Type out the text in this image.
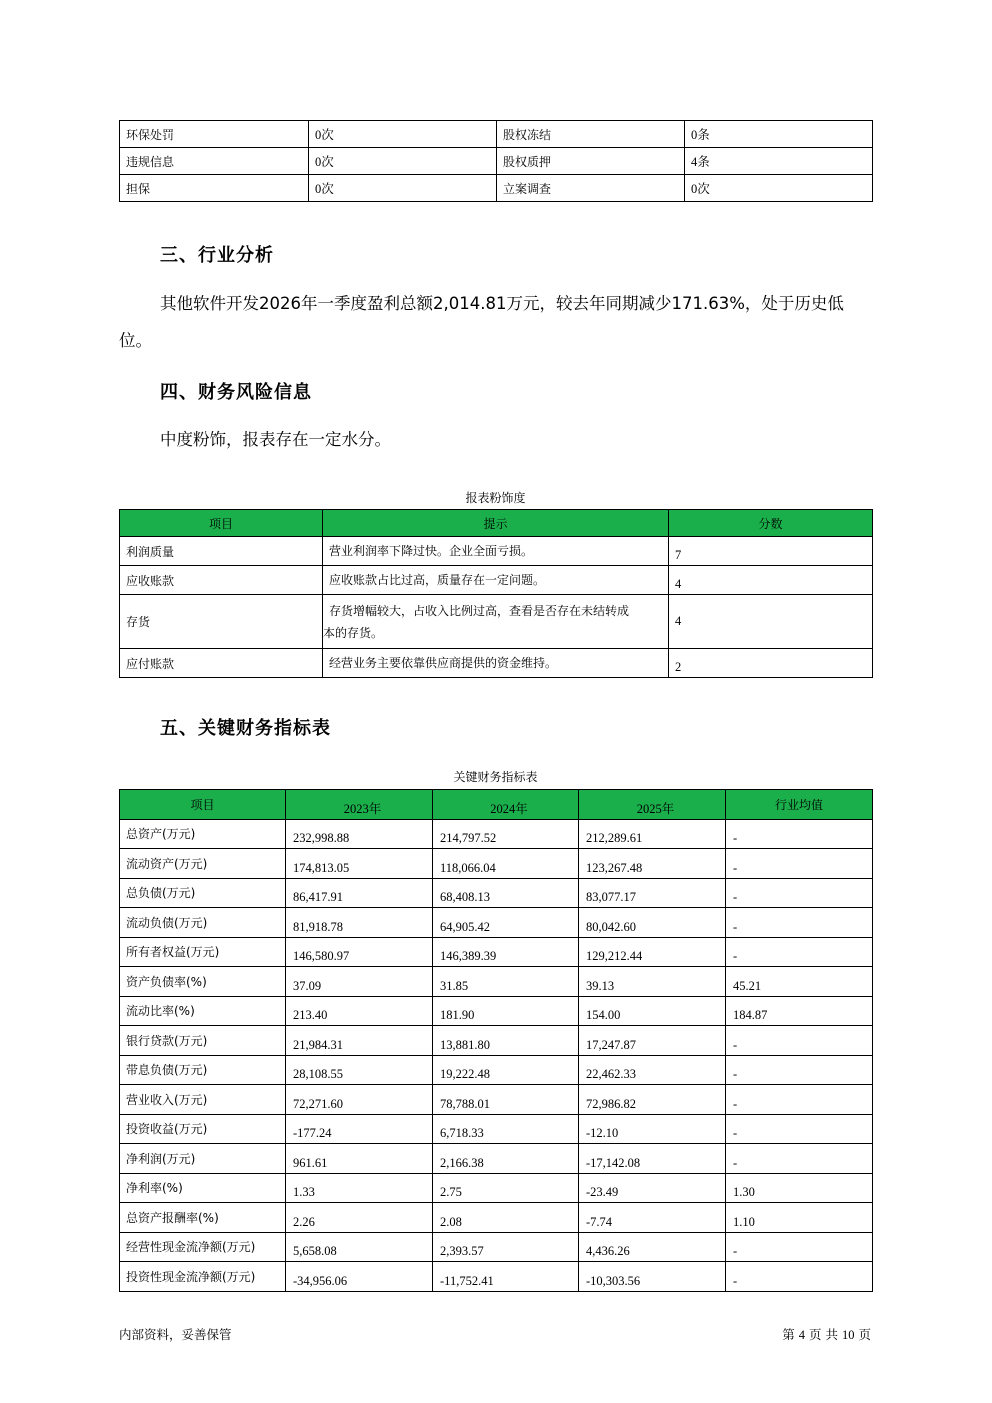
环保处罚	0次	股权冻结	0条
违规信息	0次	股权质押	4条
担保	0次	立案调查	0次
三、行业分析
其他软件开发2026年一季度盈利总额2,014.81万元，较去年同期减少171.63%，处于历史低
位。
四、财务风险信息
中度粉饰，报表存在一定水分。
报表粉饰度
项目	提示	分数
利润质量	营业利润率下降过快。企业全面亏损。	7
应收账款	应收账款占比过高，质量存在一定问题。	4
存货	存货增幅较大，占收入比例过高，查看是否存在未结转成
本的存货。	4
应付账款	经营业务主要依靠供应商提供的资金维持。	2
五、关键财务指标表
关键财务指标表
项目	2023年	2024年	2025年	行业均值
总资产(万元)	232,998.88	214,797.52	212,289.61	-
流动资产(万元)	174,813.05	118,066.04	123,267.48	-
总负债(万元)	86,417.91	68,408.13	83,077.17	-
流动负债(万元)	81,918.78	64,905.42	80,042.60	-
所有者权益(万元)	146,580.97	146,389.39	129,212.44	-
资产负债率(%)	37.09	31.85	39.13	45.21
流动比率(%)	213.40	181.90	154.00	184.87
银行贷款(万元)	21,984.31	13,881.80	17,247.87	-
带息负债(万元)	28,108.55	19,222.48	22,462.33	-
营业收入(万元)	72,271.60	78,788.01	72,986.82	-
投资收益(万元)	-177.24	6,718.33	-12.10	-
净利润(万元)	961.61	2,166.38	-17,142.08	-
净利率(%)	1.33	2.75	-23.49	1.30
总资产报酬率(%)	2.26	2.08	-7.74	1.10
经营性现金流净额(万元)	5,658.08	2,393.57	4,436.26	-
投资性现金流净额(万元)	-34,956.06	-11,752.41	-10,303.56	-
内部资料，妥善保管	第 4 页 共 10 页
